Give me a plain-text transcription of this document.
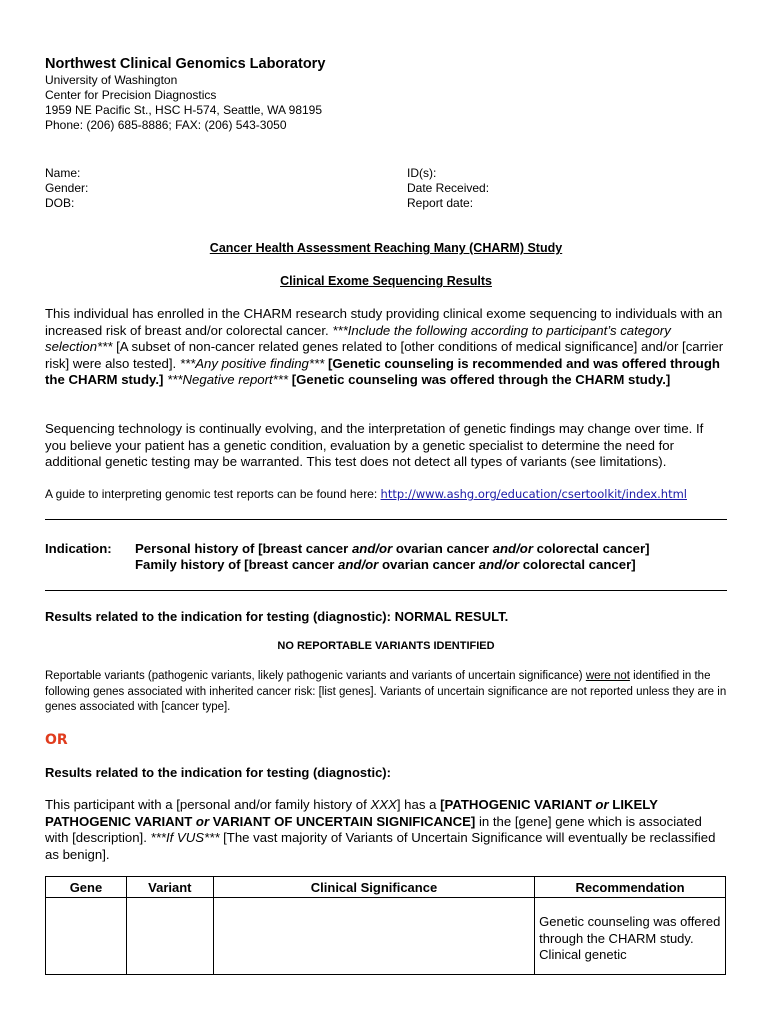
Northwest Clinical Genomics Laboratory
University of Washington
Center for Precision Diagnostics
1959 NE Pacific St., HSC H-574, Seattle, WA 98195
Phone: (206) 685-8886; FAX: (206) 543-3050
Name:
Gender:
DOB:
ID(s):
Date Received:
Report date:
Cancer Health Assessment Reaching Many (CHARM) Study
Clinical Exome Sequencing Results
This individual has enrolled in the CHARM research study providing clinical exome sequencing to individuals with an increased risk of breast and/or colorectal cancer. ***Include the following according to participant’s category selection*** [A subset of non-cancer related genes related to [other conditions of medical significance] and/or [carrier risk] were also tested]. ***Any positive finding*** [Genetic counseling is recommended and was offered through the CHARM study.] ***Negative report*** [Genetic counseling was offered through the CHARM study.]
Sequencing technology is continually evolving, and the interpretation of genetic findings may change over time. If you believe your patient has a genetic condition, evaluation by a genetic specialist to determine the need for additional genetic testing may be warranted. This test does not detect all types of variants (see limitations).
A guide to interpreting genomic test reports can be found here: http://www.ashg.org/education/csertoolkit/index.html
Indication: Personal history of [breast cancer and/or ovarian cancer and/or colorectal cancer]
Family history of [breast cancer and/or ovarian cancer and/or colorectal cancer]
Results related to the indication for testing (diagnostic): NORMAL RESULT.
NO REPORTABLE VARIANTS IDENTIFIED
Reportable variants (pathogenic variants, likely pathogenic variants and variants of uncertain significance) were not identified in the following genes associated with inherited cancer risk: [list genes]. Variants of uncertain significance are not reported unless they are in genes associated with [cancer type].
OR
Results related to the indication for testing (diagnostic):
This participant with a [personal and/or family history of XXX] has a [PATHOGENIC VARIANT or LIKELY PATHOGENIC VARIANT or VARIANT OF UNCERTAIN SIGNIFICANCE] in the [gene] gene which is associated with [description]. ***If VUS*** [The vast majority of Variants of Uncertain Significance will eventually be reclassified as benign].
Gene	Variant	Clinical Significance	Recommendation

			Genetic counseling was offered through the CHARM study. Clinical genetic
